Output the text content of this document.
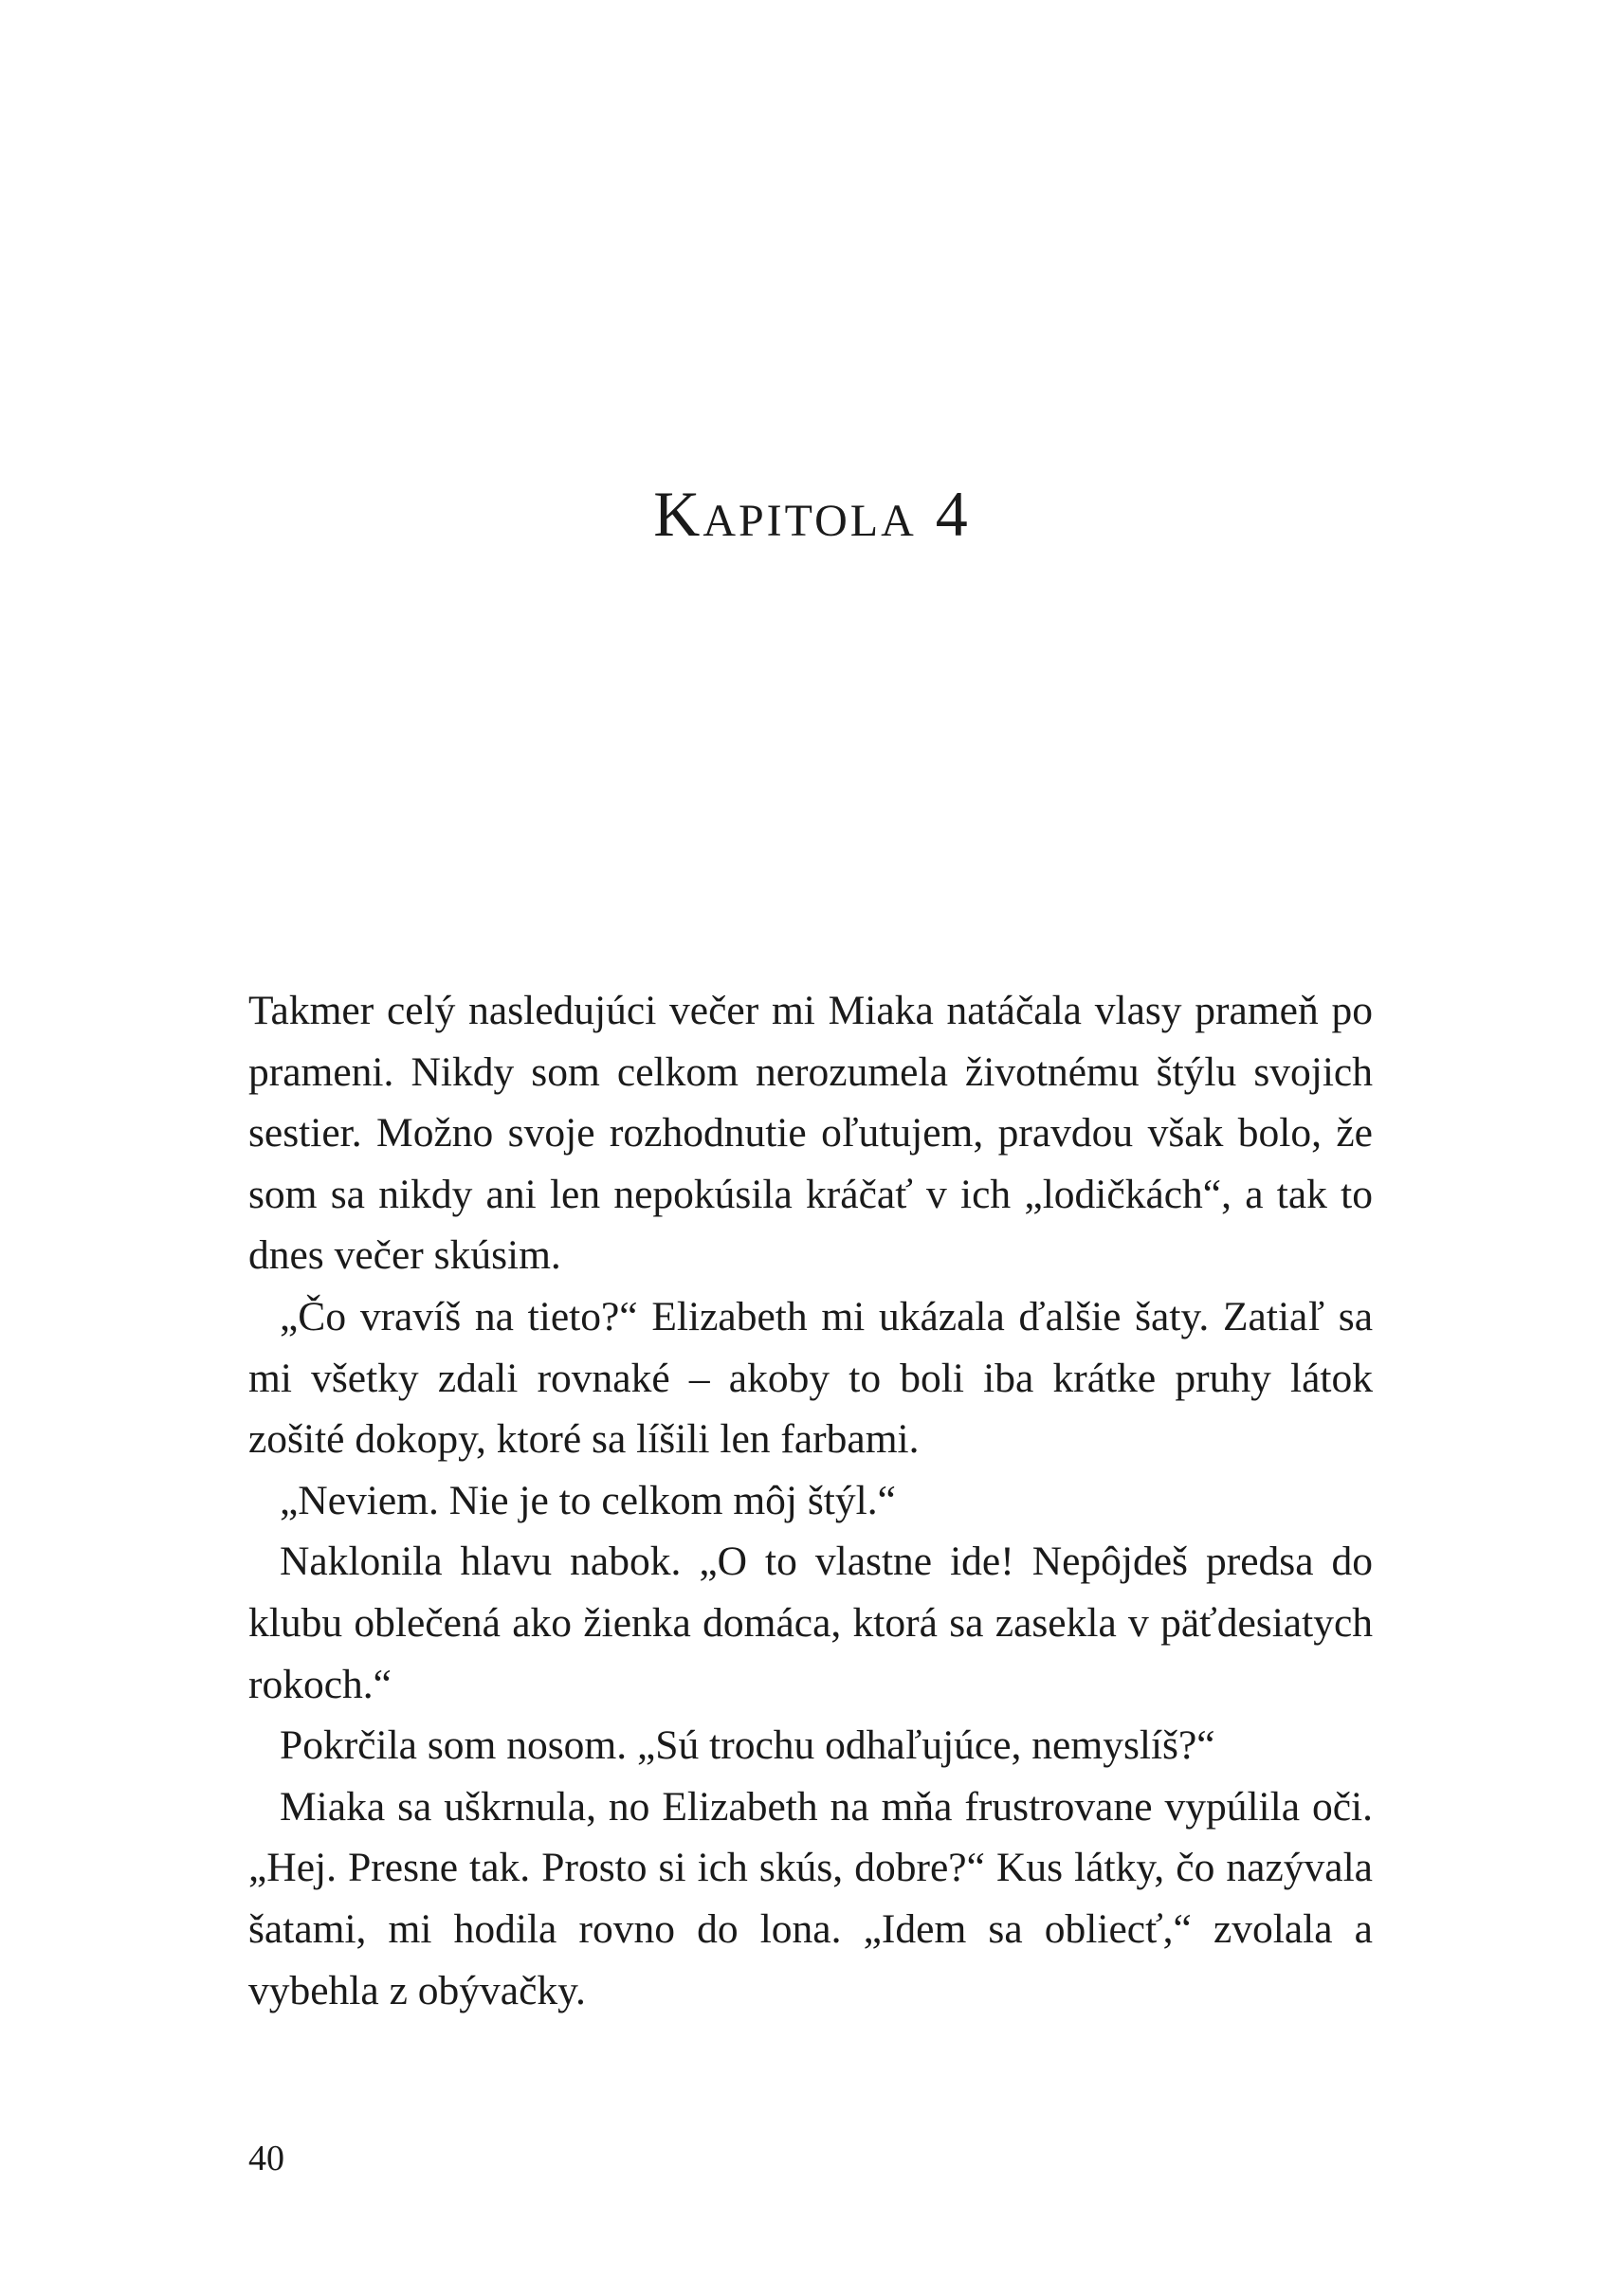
Kapitola 4

Takmer celý nasledujúci večer mi Miaka natáčala vlasy prameň po prameni. Nikdy som celkom nerozumela životnému štýlu svojich sestier. Možno svoje rozhodnutie oľutujem, pravdou však bolo, že som sa nikdy ani len nepokúsila kráčať v ich „lodičkách“, a tak to dnes večer skúsim.

„Čo vravíš na tieto?“ Elizabeth mi ukázala ďalšie šaty. Zatiaľ sa mi všetky zdali rovnaké – akoby to boli iba krátke pruhy látok zošité dokopy, ktoré sa líšili len farbami.

„Neviem. Nie je to celkom môj štýl.“

Naklonila hlavu nabok. „O to vlastne ide! Nepôjdeš predsa do klubu oblečená ako žienka domáca, ktorá sa zasekla v päťdesiatych rokoch.“

Pokrčila som nosom. „Sú trochu odhaľujúce, nemyslíš?“

Miaka sa uškrnula, no Elizabeth na mňa frustrovane vypúlila oči. „Hej. Presne tak. Prosto si ich skús, dobre?“ Kus látky, čo nazývala šatami, mi hodila rovno do lona. „Idem sa obliecť,“ zvolala a vybehla z obývačky.

40
